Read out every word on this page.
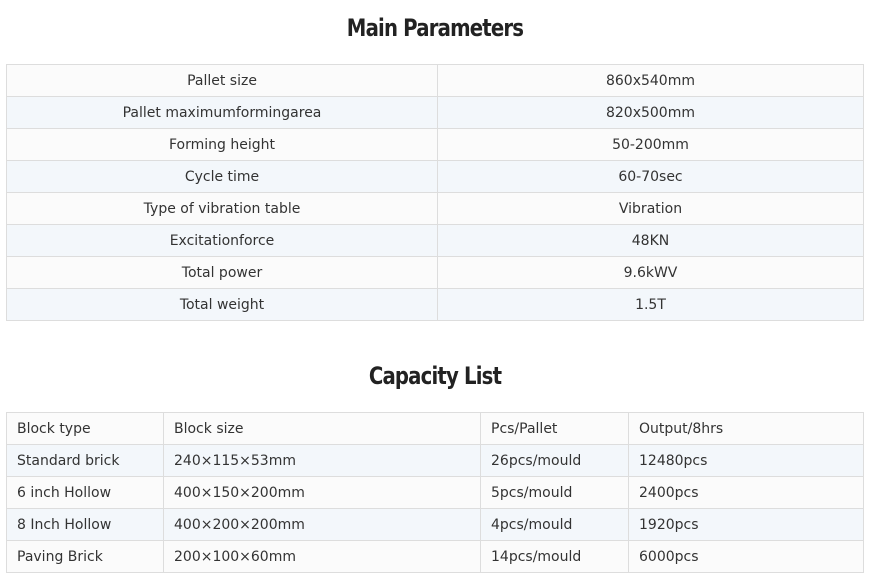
Main Parameters
Pallet size	860x540mm
Pallet maximumformingarea	820x500mm
Forming height	50-200mm
Cycle time	60-70sec
Type of vibration table	Vibration
Excitationforce	48KN
Total power	9.6kWV
Total weight	1.5T
Capacity List
Block type	Block size	Pcs/Pallet	Output/8hrs
Standard brick	240×115×53mm	26pcs/mould	12480pcs
6 inch Hollow	400×150×200mm	5pcs/mould	2400pcs
8 Inch Hollow	400×200×200mm	4pcs/mould	1920pcs
Paving Brick	200×100×60mm	14pcs/mould	6000pcs
